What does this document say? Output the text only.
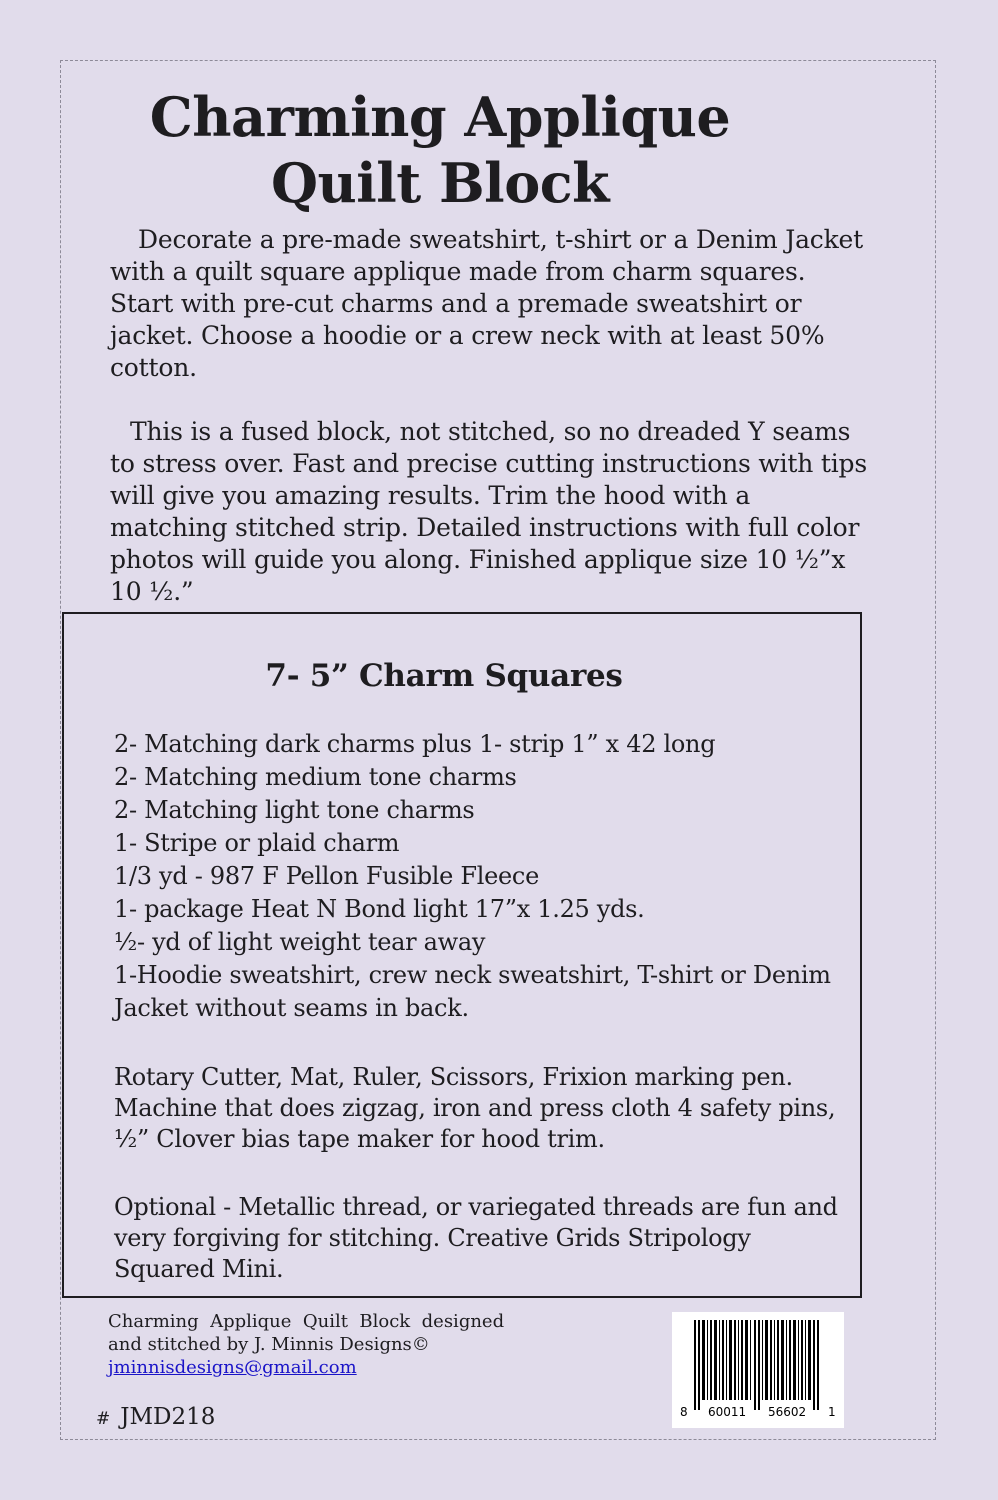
Charming Applique
Quilt Block

Decorate a pre-made sweatshirt, t-shirt or a Denim Jacket with a quilt square applique made from charm squares. Start with pre-cut charms and a premade sweatshirt or jacket. Choose a hoodie or a crew neck with at least 50% cotton.

This is a fused block, not stitched, so no dreaded Y seams to stress over. Fast and precise cutting instructions with tips will give you amazing results. Trim the hood with a matching stitched strip. Detailed instructions with full color photos will guide you along. Finished applique size 10 ½”x 10 ½.”

7- 5” Charm Squares
2- Matching dark charms plus 1- strip 1” x 42 long
2- Matching medium tone charms
2- Matching light tone charms
1- Stripe or plaid charm
1/3 yd - 987 F Pellon Fusible Fleece
1- package Heat N Bond light 17”x 1.25 yds.
½- yd of light weight tear away
1-Hoodie sweatshirt, crew neck sweatshirt, T-shirt or Denim Jacket without seams in back.

Rotary Cutter, Mat, Ruler, Scissors, Frixion marking pen. Machine that does zigzag, iron and press cloth 4 safety pins, ½” Clover bias tape maker for hood trim.

Optional - Metallic thread, or variegated threads are fun and very forgiving for stitching. Creative Grids Stripology Squared Mini.

Charming  Applique  Quilt  Block  designed
and stitched by J. Minnis Designs©
jminnisdesigns@gmail.com
# JMD218	8 60011 56602 1
